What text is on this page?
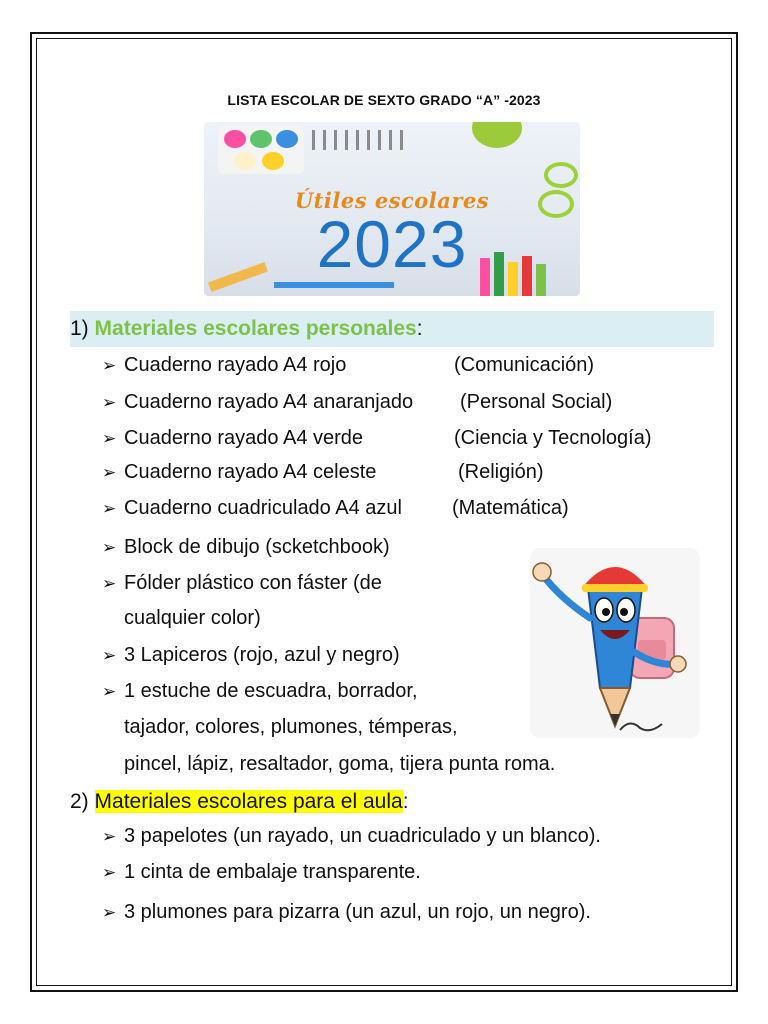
LISTA ESCOLAR DE SEXTO GRADO “A” -2023
Útiles escolares
2023
1) Materiales escolares personales:
➢ Cuaderno rayado A4 rojo	(Comunicación)
➢ Cuaderno rayado A4 anaranjado (Personal Social)
➢ Cuaderno rayado A4 verde	(Ciencia y Tecnología)
➢ Cuaderno rayado A4 celeste	(Religión)
➢ Cuaderno cuadriculado A4 azul	(Matemática)
➢ Block de dibujo (scketchbook)
➢ Fólder plástico con fáster (de
cualquier color)
➢ 3 Lapiceros (rojo, azul y negro)
➢ 1 estuche de escuadra, borrador,
tajador, colores, plumones, témperas,
pincel, lápiz, resaltador, goma, tijera punta roma.
2) Materiales escolares para el aula:
➢ 3 papelotes (un rayado, un cuadriculado y un blanco).
➢ 1 cinta de embalaje transparente.
➢ 3 plumones para pizarra (un azul, un rojo, un negro).
